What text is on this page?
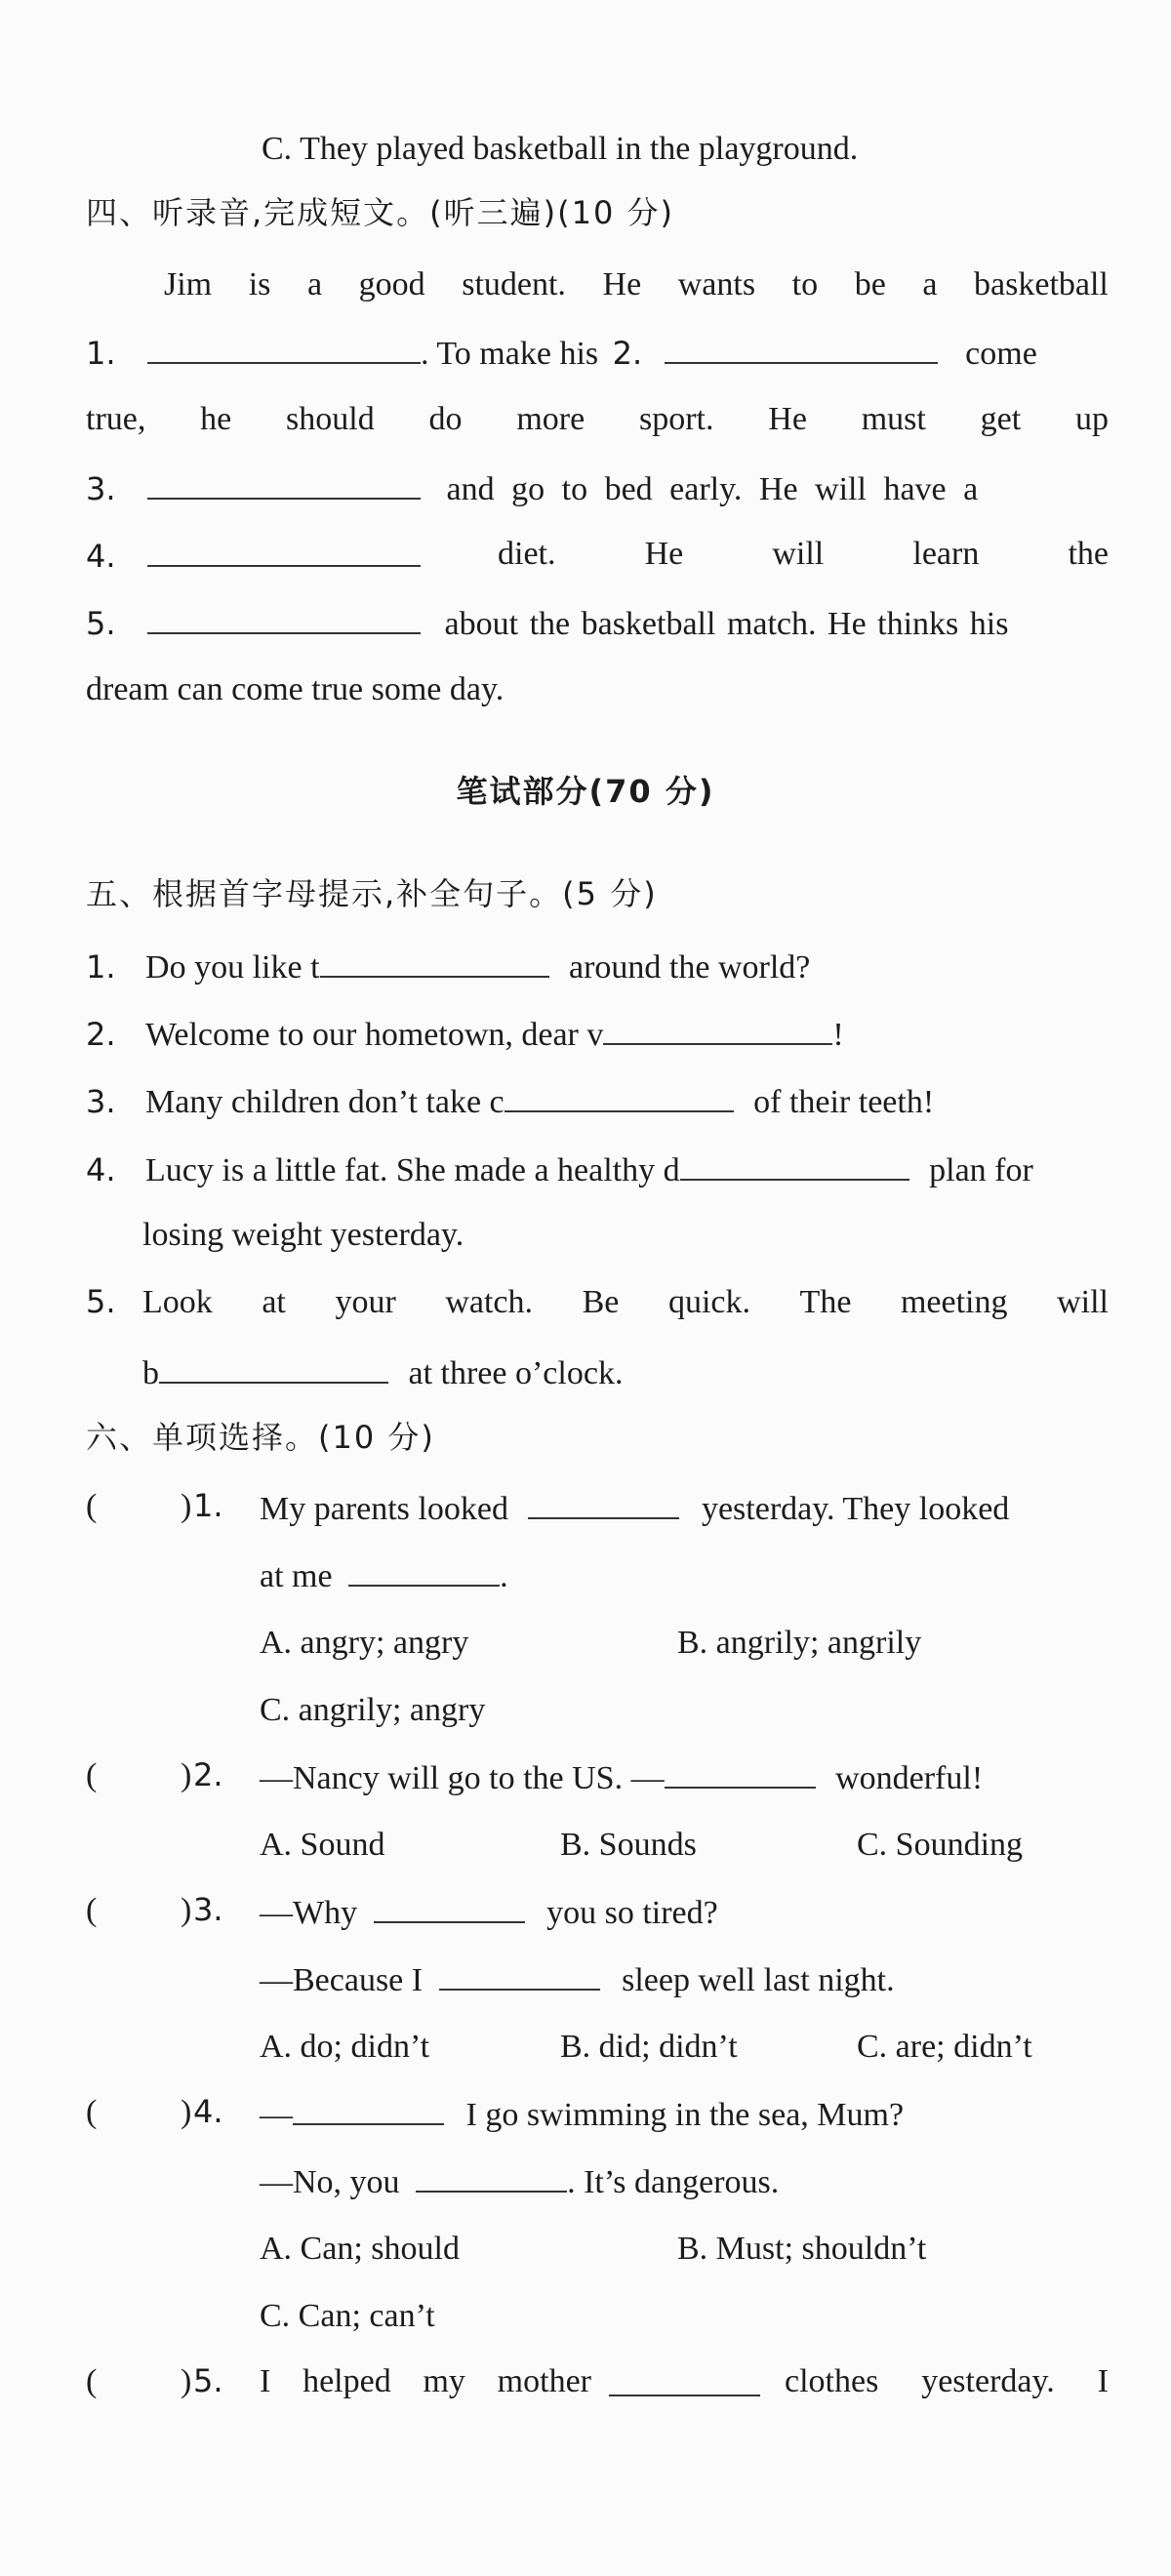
C. They played basketball in the playground.
四、听录音,完成短文。(听三遍)(10 分)
Jim is a good student. He wants to be a basketball
1.	. To make his 2.	come
true, he should do more sport. He must get up
3.	and go to bed early. He will have a
4.	diet.	He	will	learn	the
5.	about the basketball match. He thinks his
dream can come true some day.
笔试部分(70 分)
五、根据首字母提示,补全句子。(5 分)
1. Do you like t	around the world?
2. Welcome to our hometown, dear v	!
3. Many children don’t take c	of their teeth!
4. Lucy is a little fat. She made a healthy d	plan for
losing weight yesterday.
5. Look at your watch. Be quick. The meeting will
b	at three o’clock.
六、单项选择。(10 分)
(	) 1. My parents looked	yesterday. They looked
at me	.
A. angry; angry	B. angrily; angrily
C. angrily; angry
(	) 2. —Nancy will go to the US. —	wonderful!
A. Sound	B. Sounds	C. Sounding
(	) 3. —Why	you so tired?
—Because I	sleep well last night.
A. do; didn’t	B. did; didn’t	C. are; didn’t
(	) 4. —	I go swimming in the sea, Mum?
—No, you	. It’s dangerous.
A. Can; should	B. Must; shouldn’t
C. Can; can’t
(	) 5. I helped my mother	clothes yesterday. I
